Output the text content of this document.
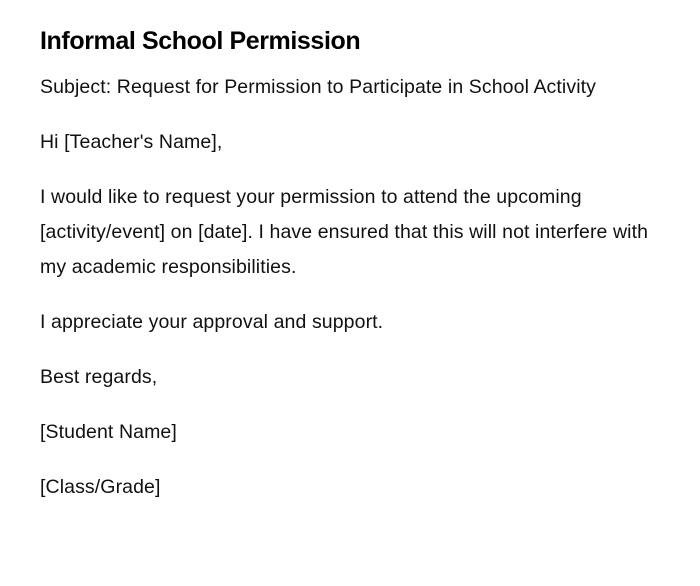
Informal School Permission

Subject: Request for Permission to Participate in School Activity

Hi [Teacher's Name],

I would like to request your permission to attend the upcoming [activity/event] on [date]. I have ensured that this will not interfere with my academic responsibilities.

I appreciate your approval and support.

Best regards,

[Student Name]

[Class/Grade]
